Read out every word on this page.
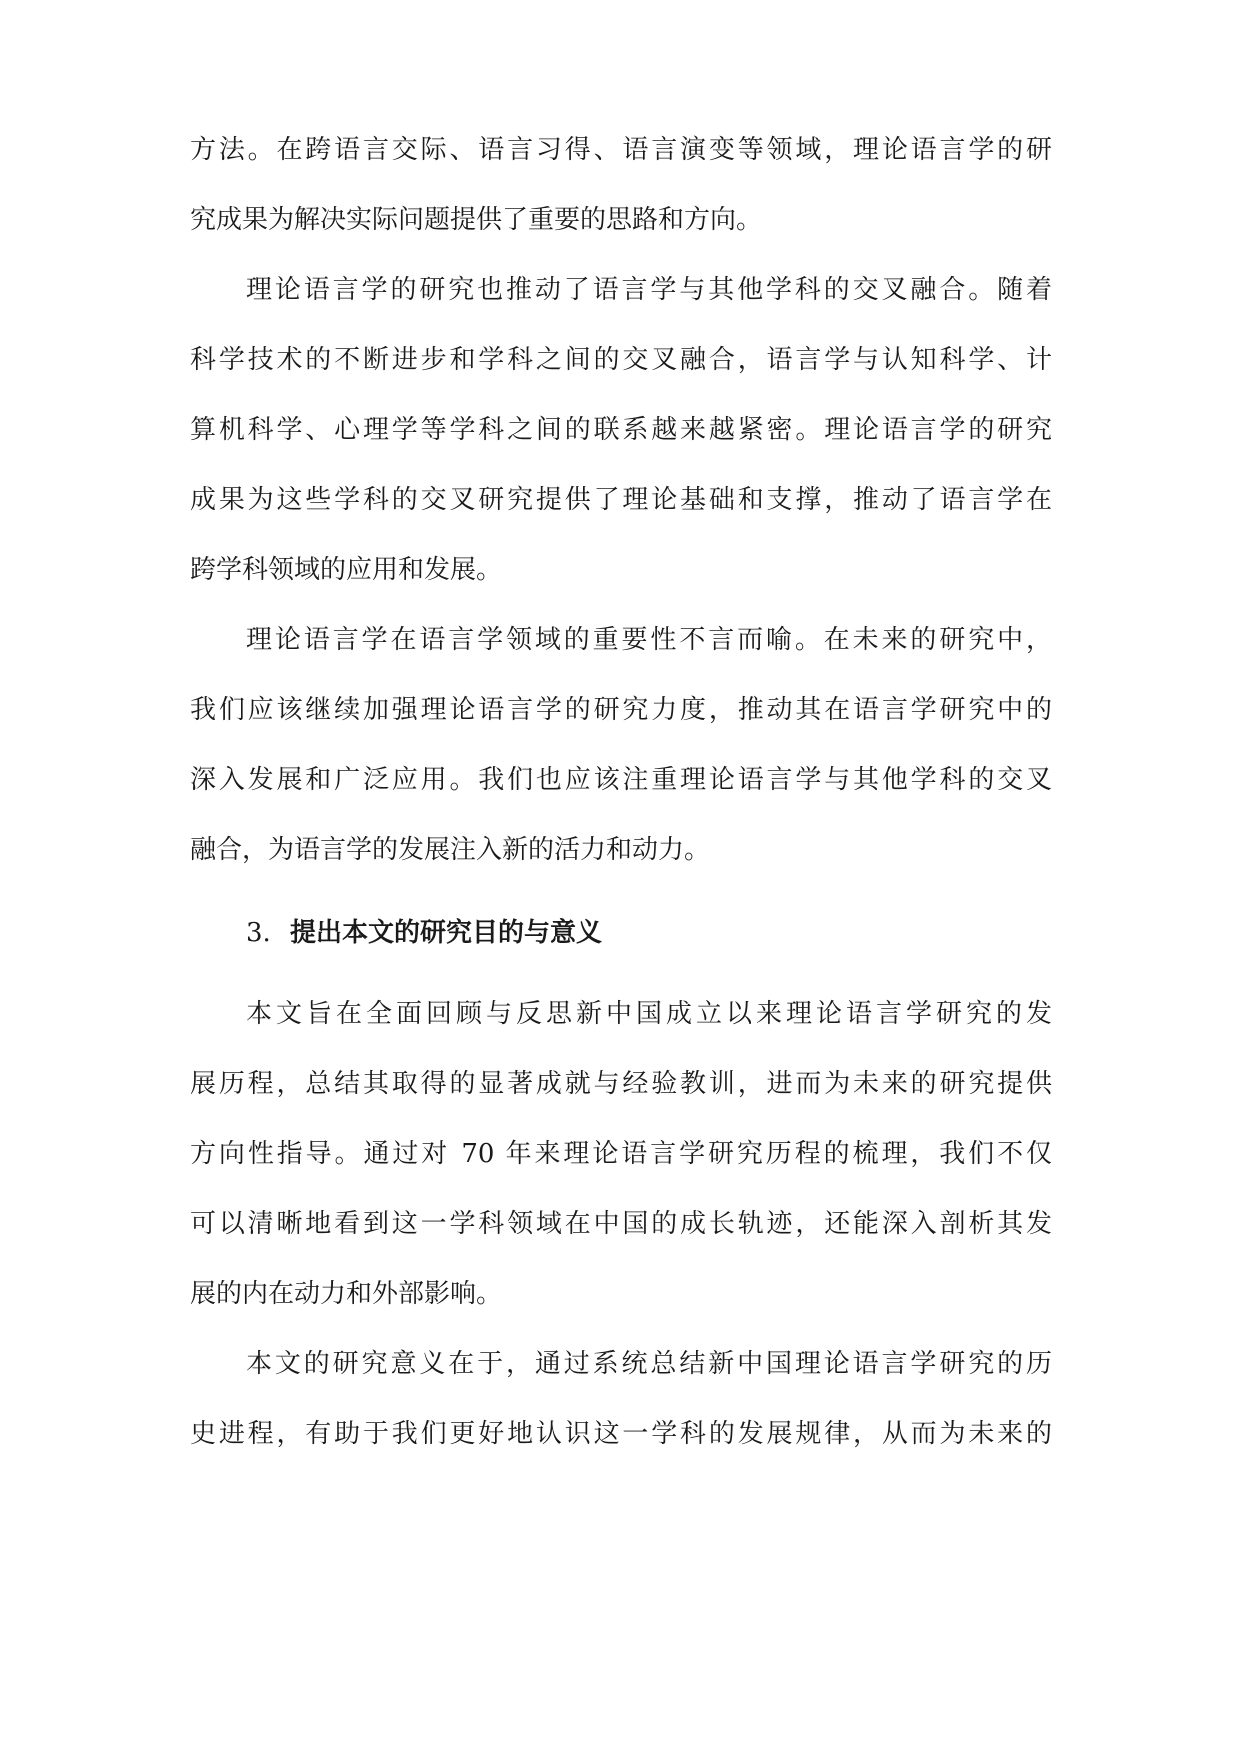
方法。在跨语言交际、语言习得、语言演变等领域，理论语言学的研
究成果为解决实际问题提供了重要的思路和方向。
理论语言学的研究也推动了语言学与其他学科的交叉融合。随着
科学技术的不断进步和学科之间的交叉融合，语言学与认知科学、计
算机科学、心理学等学科之间的联系越来越紧密。理论语言学的研究
成果为这些学科的交叉研究提供了理论基础和支撑，推动了语言学在
跨学科领域的应用和发展。
理论语言学在语言学领域的重要性不言而喻。在未来的研究中，
我们应该继续加强理论语言学的研究力度，推动其在语言学研究中的
深入发展和广泛应用。我们也应该注重理论语言学与其他学科的交叉
融合，为语言学的发展注入新的活力和动力。
3. 提出本文的研究目的与意义
本文旨在全面回顾与反思新中国成立以来理论语言学研究的发
展历程，总结其取得的显著成就与经验教训，进而为未来的研究提供
方向性指导。通过对 70 年来理论语言学研究历程的梳理，我们不仅
可以清晰地看到这一学科领域在中国的成长轨迹，还能深入剖析其发
展的内在动力和外部影响。
本文的研究意义在于，通过系统总结新中国理论语言学研究的历
史进程，有助于我们更好地认识这一学科的发展规律，从而为未来的
